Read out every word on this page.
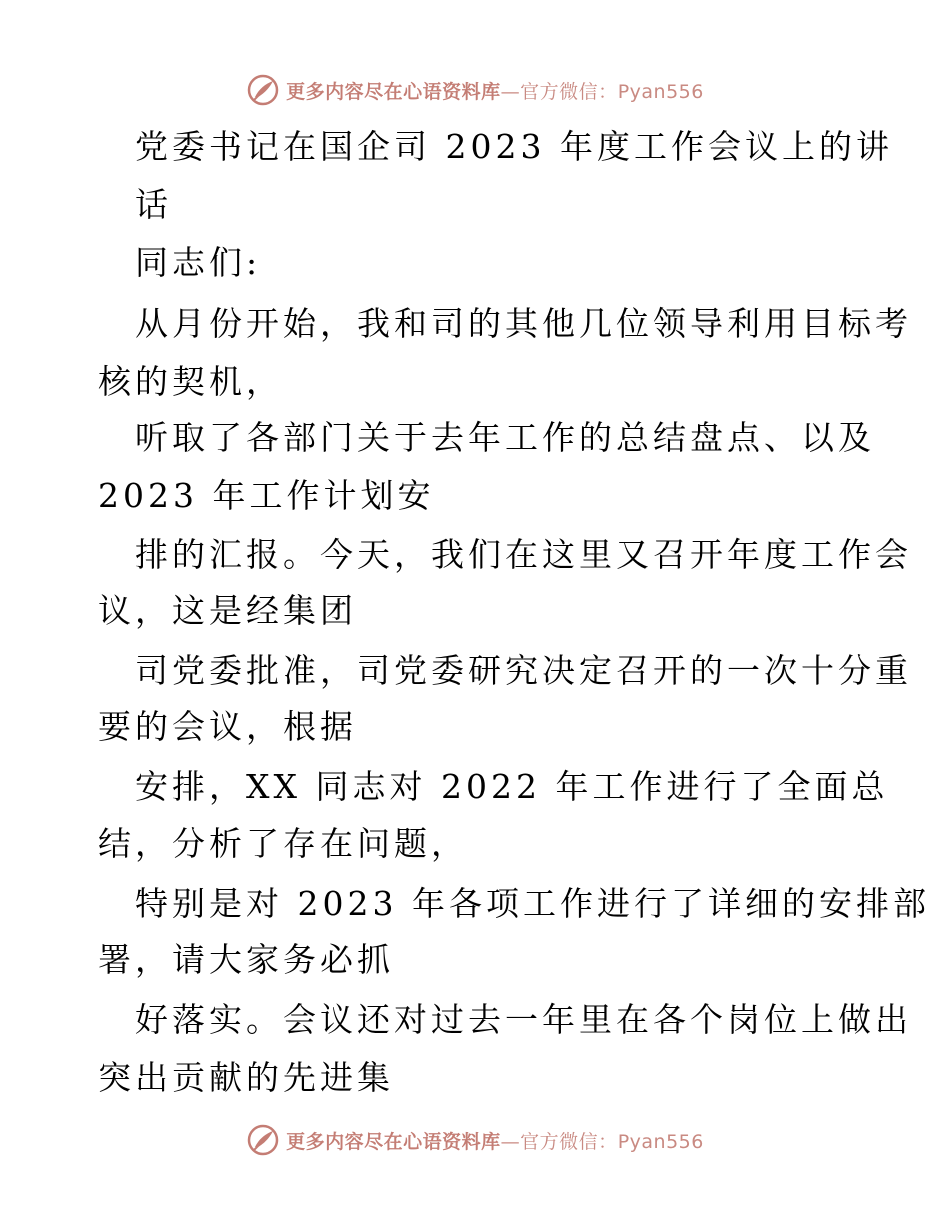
更多内容尽在心语资料库—官方微信：Pyan556
党委书记在国企司 2023 年度工作会议上的讲
话
同志们:
从月份开始，我和司的其他几位领导利用目标考
核的契机，
听取了各部门关于去年工作的总结盘点、以及
2023 年工作计划安
排的汇报。今天，我们在这里又召开年度工作会
议，这是经集团
司党委批准，司党委研究决定召开的一次十分重
要的会议，根据
安排，XX 同志对 2022 年工作进行了全面总
结，分析了存在问题，
特别是对 2023 年各项工作进行了详细的安排部
署，请大家务必抓
好落实。会议还对过去一年里在各个岗位上做出
突出贡献的先进集
更多内容尽在心语资料库—官方微信：Pyan556
